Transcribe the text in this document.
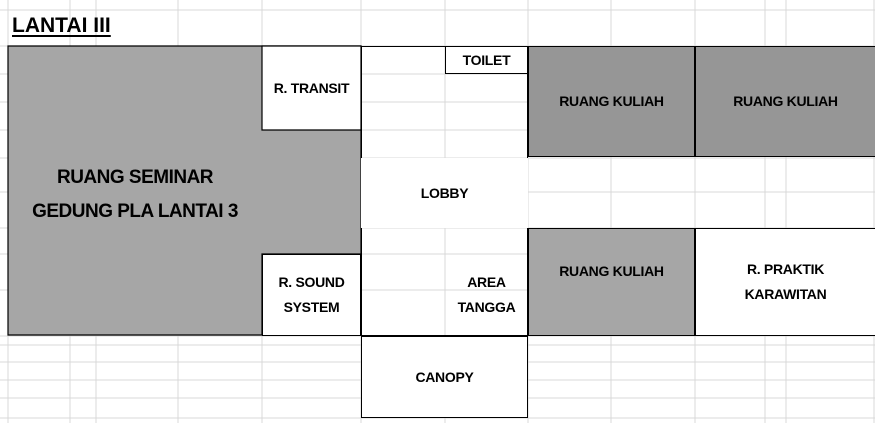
LANTAI III
RUANG SEMINAR
GEDUNG PLA LANTAI 3
R. TRANSIT
TOILET
LOBBY
RUANG KULIAH	RUANG KULIAH
RUANG KULIAH	R. PRAKTIK
KARAWITAN
R. SOUND
SYSTEM
AREA
TANGGA
CANOPY
